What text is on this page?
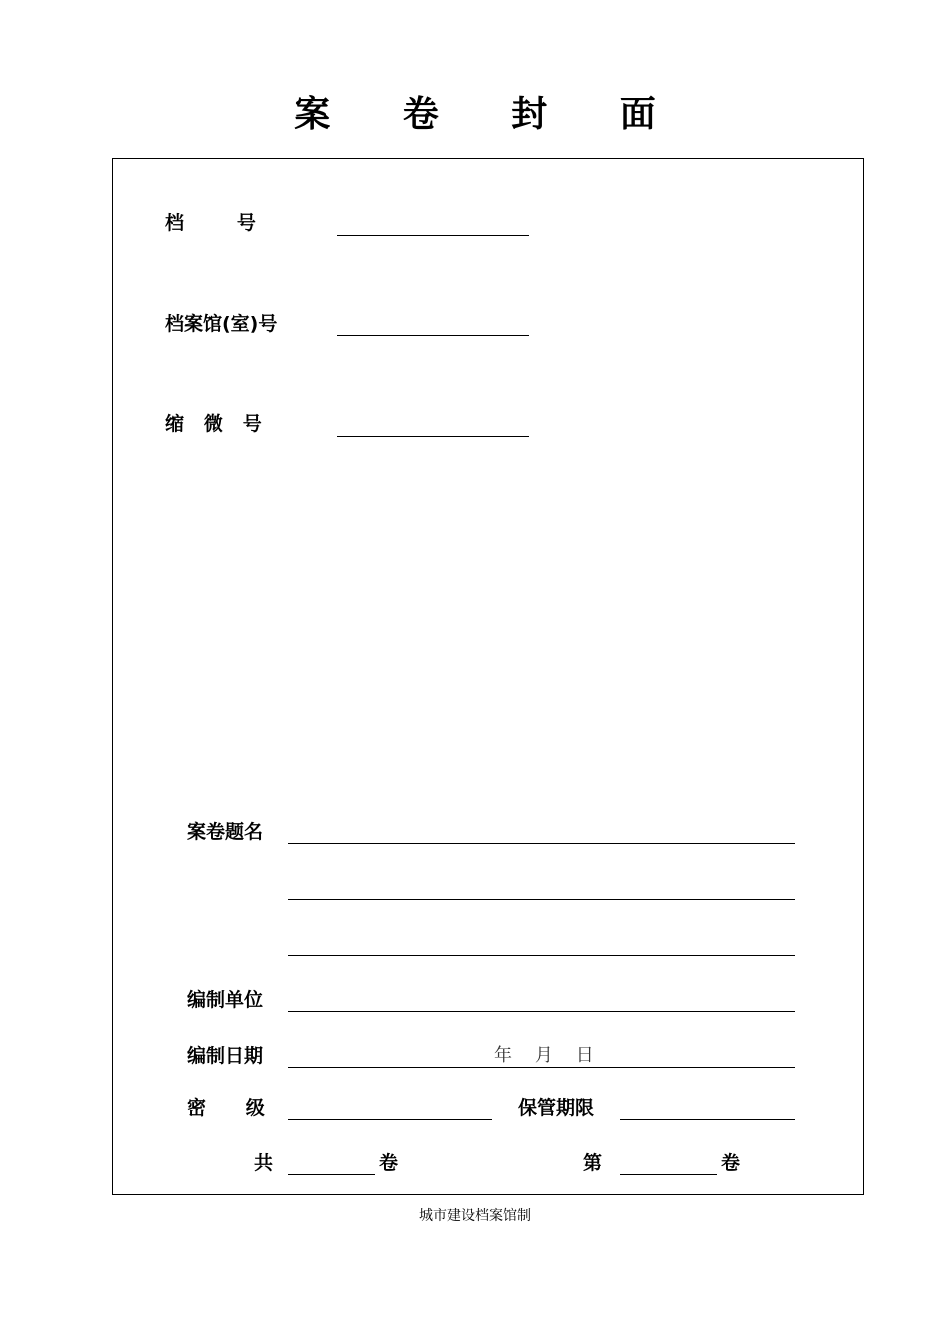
案 卷 封 面
档        号
档案馆(室)号
缩   微   号
案卷题名
编制单位
编制日期	年    月    日
密      级	保管期限
共	卷	第	卷
城市建设档案馆制
